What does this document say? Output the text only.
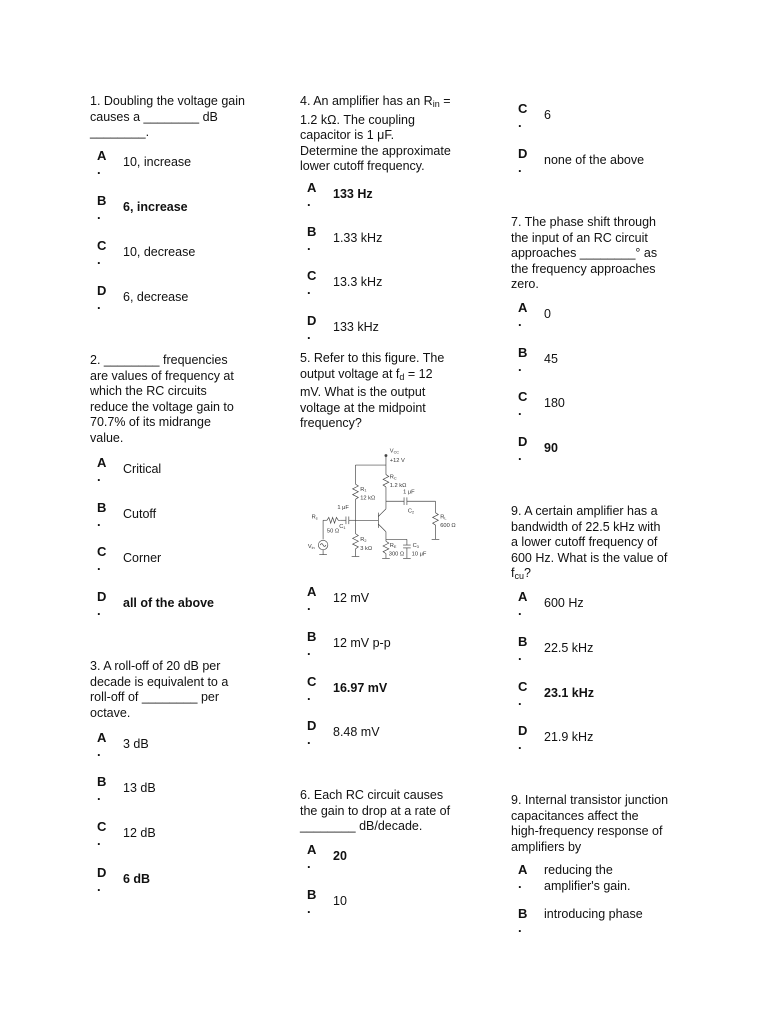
1. Doubling the voltage gain
causes a ________ dB
________.

A
. 10, increase
B
. 6, increase
C
. 10, decrease
D
. 6, decrease

2. ________ frequencies
are values of frequency at
which the RC circuits
reduce the voltage gain to
70.7% of its midrange
value.

A
. Critical
B
. Cutoff
C
. Corner
D
. all of the above

3. A roll-off of 20 dB per
decade is equivalent to a
roll-off of ________ per
octave.

A
. 3 dB
B
. 13 dB
C
. 12 dB
D
. 6 dB

4. An amplifier has an $R_{in}$ =
1.2 kΩ. The coupling
capacitor is 1 μF.
Determine the approximate
lower cutoff frequency.

A
. 133 Hz
B
. 1.33 kHz
C
. 13.3 kHz
D
. 133 kHz

5. Refer to this figure. The
output voltage at $f_d = 12$
mV. What is the output
voltage at the midpoint
frequency?

VCC
+12 V
RC
1.2 kΩ
R1
12 kΩ
1 μF
C2
RL
600 Ω
1 μF
C1
Rs
50 Ω
Vin
R2
3 kΩ	RE
300 Ω
C3
10 μF
A
. 12 mV
B
. 12 mV p-p
C
. 16.97 mV
D
. 8.48 mV

6. Each RC circuit causes
the gain to drop at a rate of
________ dB/decade.

A
. 20
B
. 10
C
. 6
D
. none of the above

7. The phase shift through
the input of an RC circuit
approaches ________° as
the frequency approaches
zero.

A
. 0
B
. 45
C
. 180
D
. 90

9. A certain amplifier has a
bandwidth of 22.5 kHz with
a lower cutoff frequency of
600 Hz. What is the value of
$f_{cu}$?

A
. 600 Hz
B
. 22.5 kHz
C
. 23.1 kHz
D
. 21.9 kHz

9. Internal transistor junction
capacitances affect the
high-frequency response of
amplifiers by

A
.
reducing the
amplifier's gain.
B
.
introducing phase
